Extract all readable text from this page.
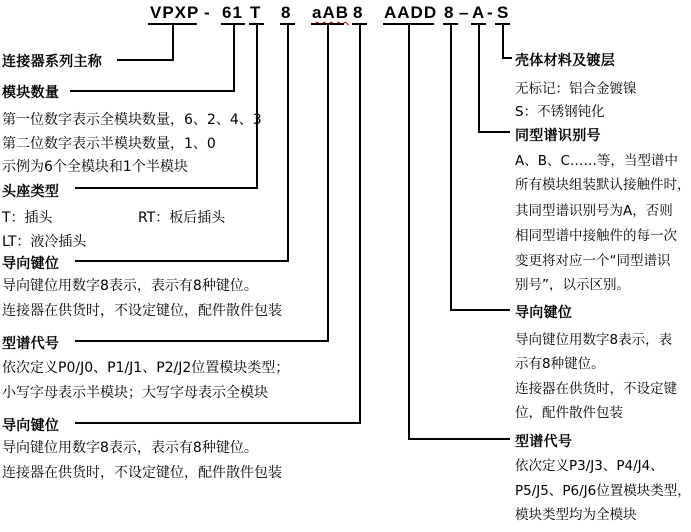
VPXP - 61 T 8 aAB 8 AADD 8 – A - S
连接器系列主称
模块数量
第一位数字表示全模块数量，6、2、4、3
第二位数字表示半模块数量，1、0
示例为6个全模块和1个半模块
头座类型
T：插头	RT：板后插头
LT：液冷插头
导向键位
导向键位用数字8表示，表示有8种键位。
连接器在供货时，不设定键位，配件散件包装
型谱代号
依次定义P0/J0、P1/J1、P2/J2位置模块类型；
小写字母表示半模块；大写字母表示全模块
导向键位
导向键位用数字8表示，表示有8种键位。
连接器在供货时，不设定键位，配件散件包装
壳体材料及镀层
无标记：铝合金镀镍
S：不锈钢钝化
同型谱识别号
A、B、C……等，当型谱中
所有模块组装默认接触件时，
其同型谱识别号为A，否则
相同型谱中接触件的每一次
变更将对应一个“同型谱识
别号”，以示区别。
导向键位
导向键位用数字8表示，表
示有8种键位。
连接器在供货时，不设定键
位，配件散件包装
型谱代号
依次定义P3/J3、P4/J4、
P5/J5、P6/J6位置模块类型，
模块类型均为全模块
